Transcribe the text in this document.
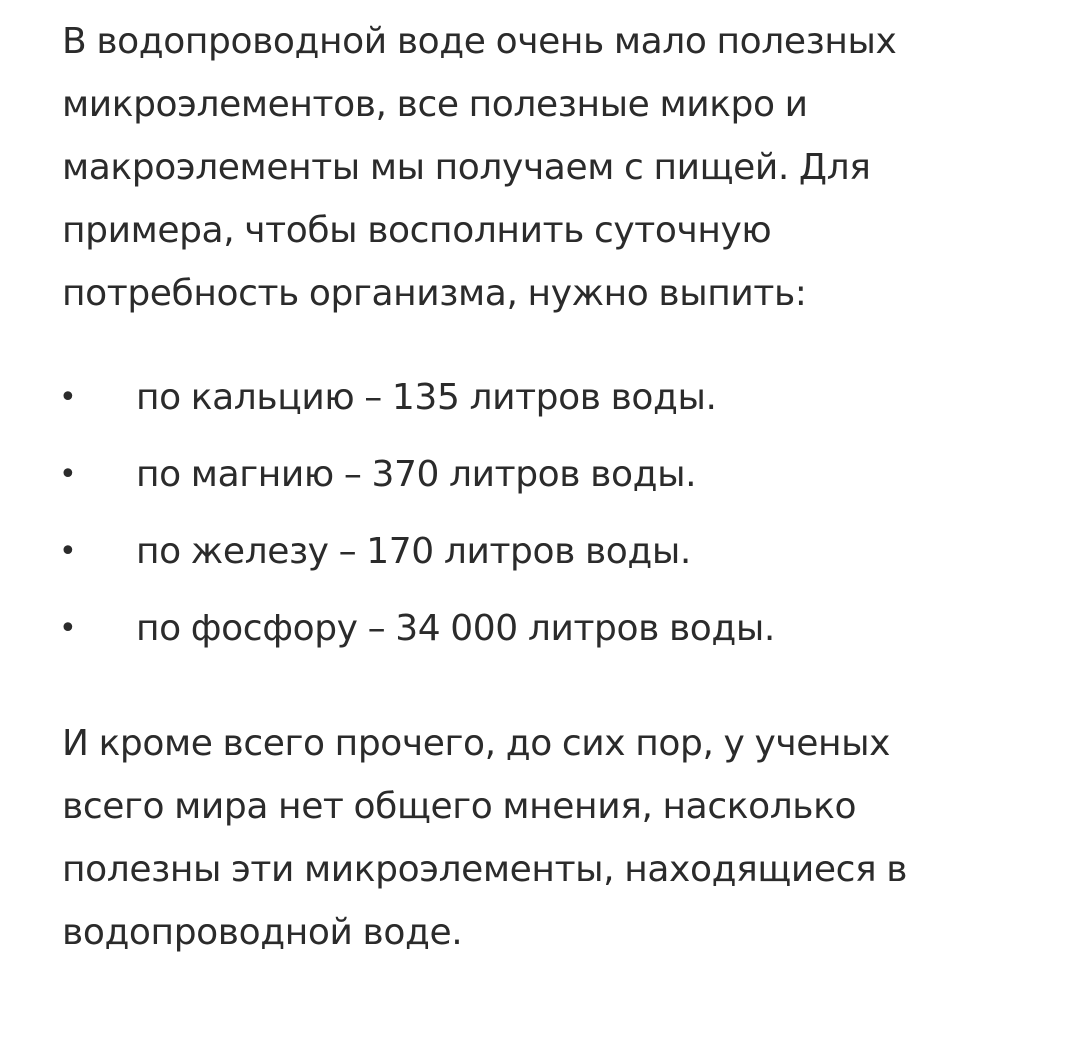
В водопроводной воде очень мало полезных
микроэлементов, все полезные микро и
макроэлементы мы получаем с пищей. Для
примера, чтобы восполнить суточную
потребность организма, нужно выпить:

• по кальцию – 135 литров воды.
• по магнию – 370 литров воды.
• по железу – 170 литров воды.
• по фосфору – 34 000 литров воды.

И кроме всего прочего, до сих пор, у ученых
всего мира нет общего мнения, насколько
полезны эти микроэлементы, находящиеся в
водопроводной воде.
